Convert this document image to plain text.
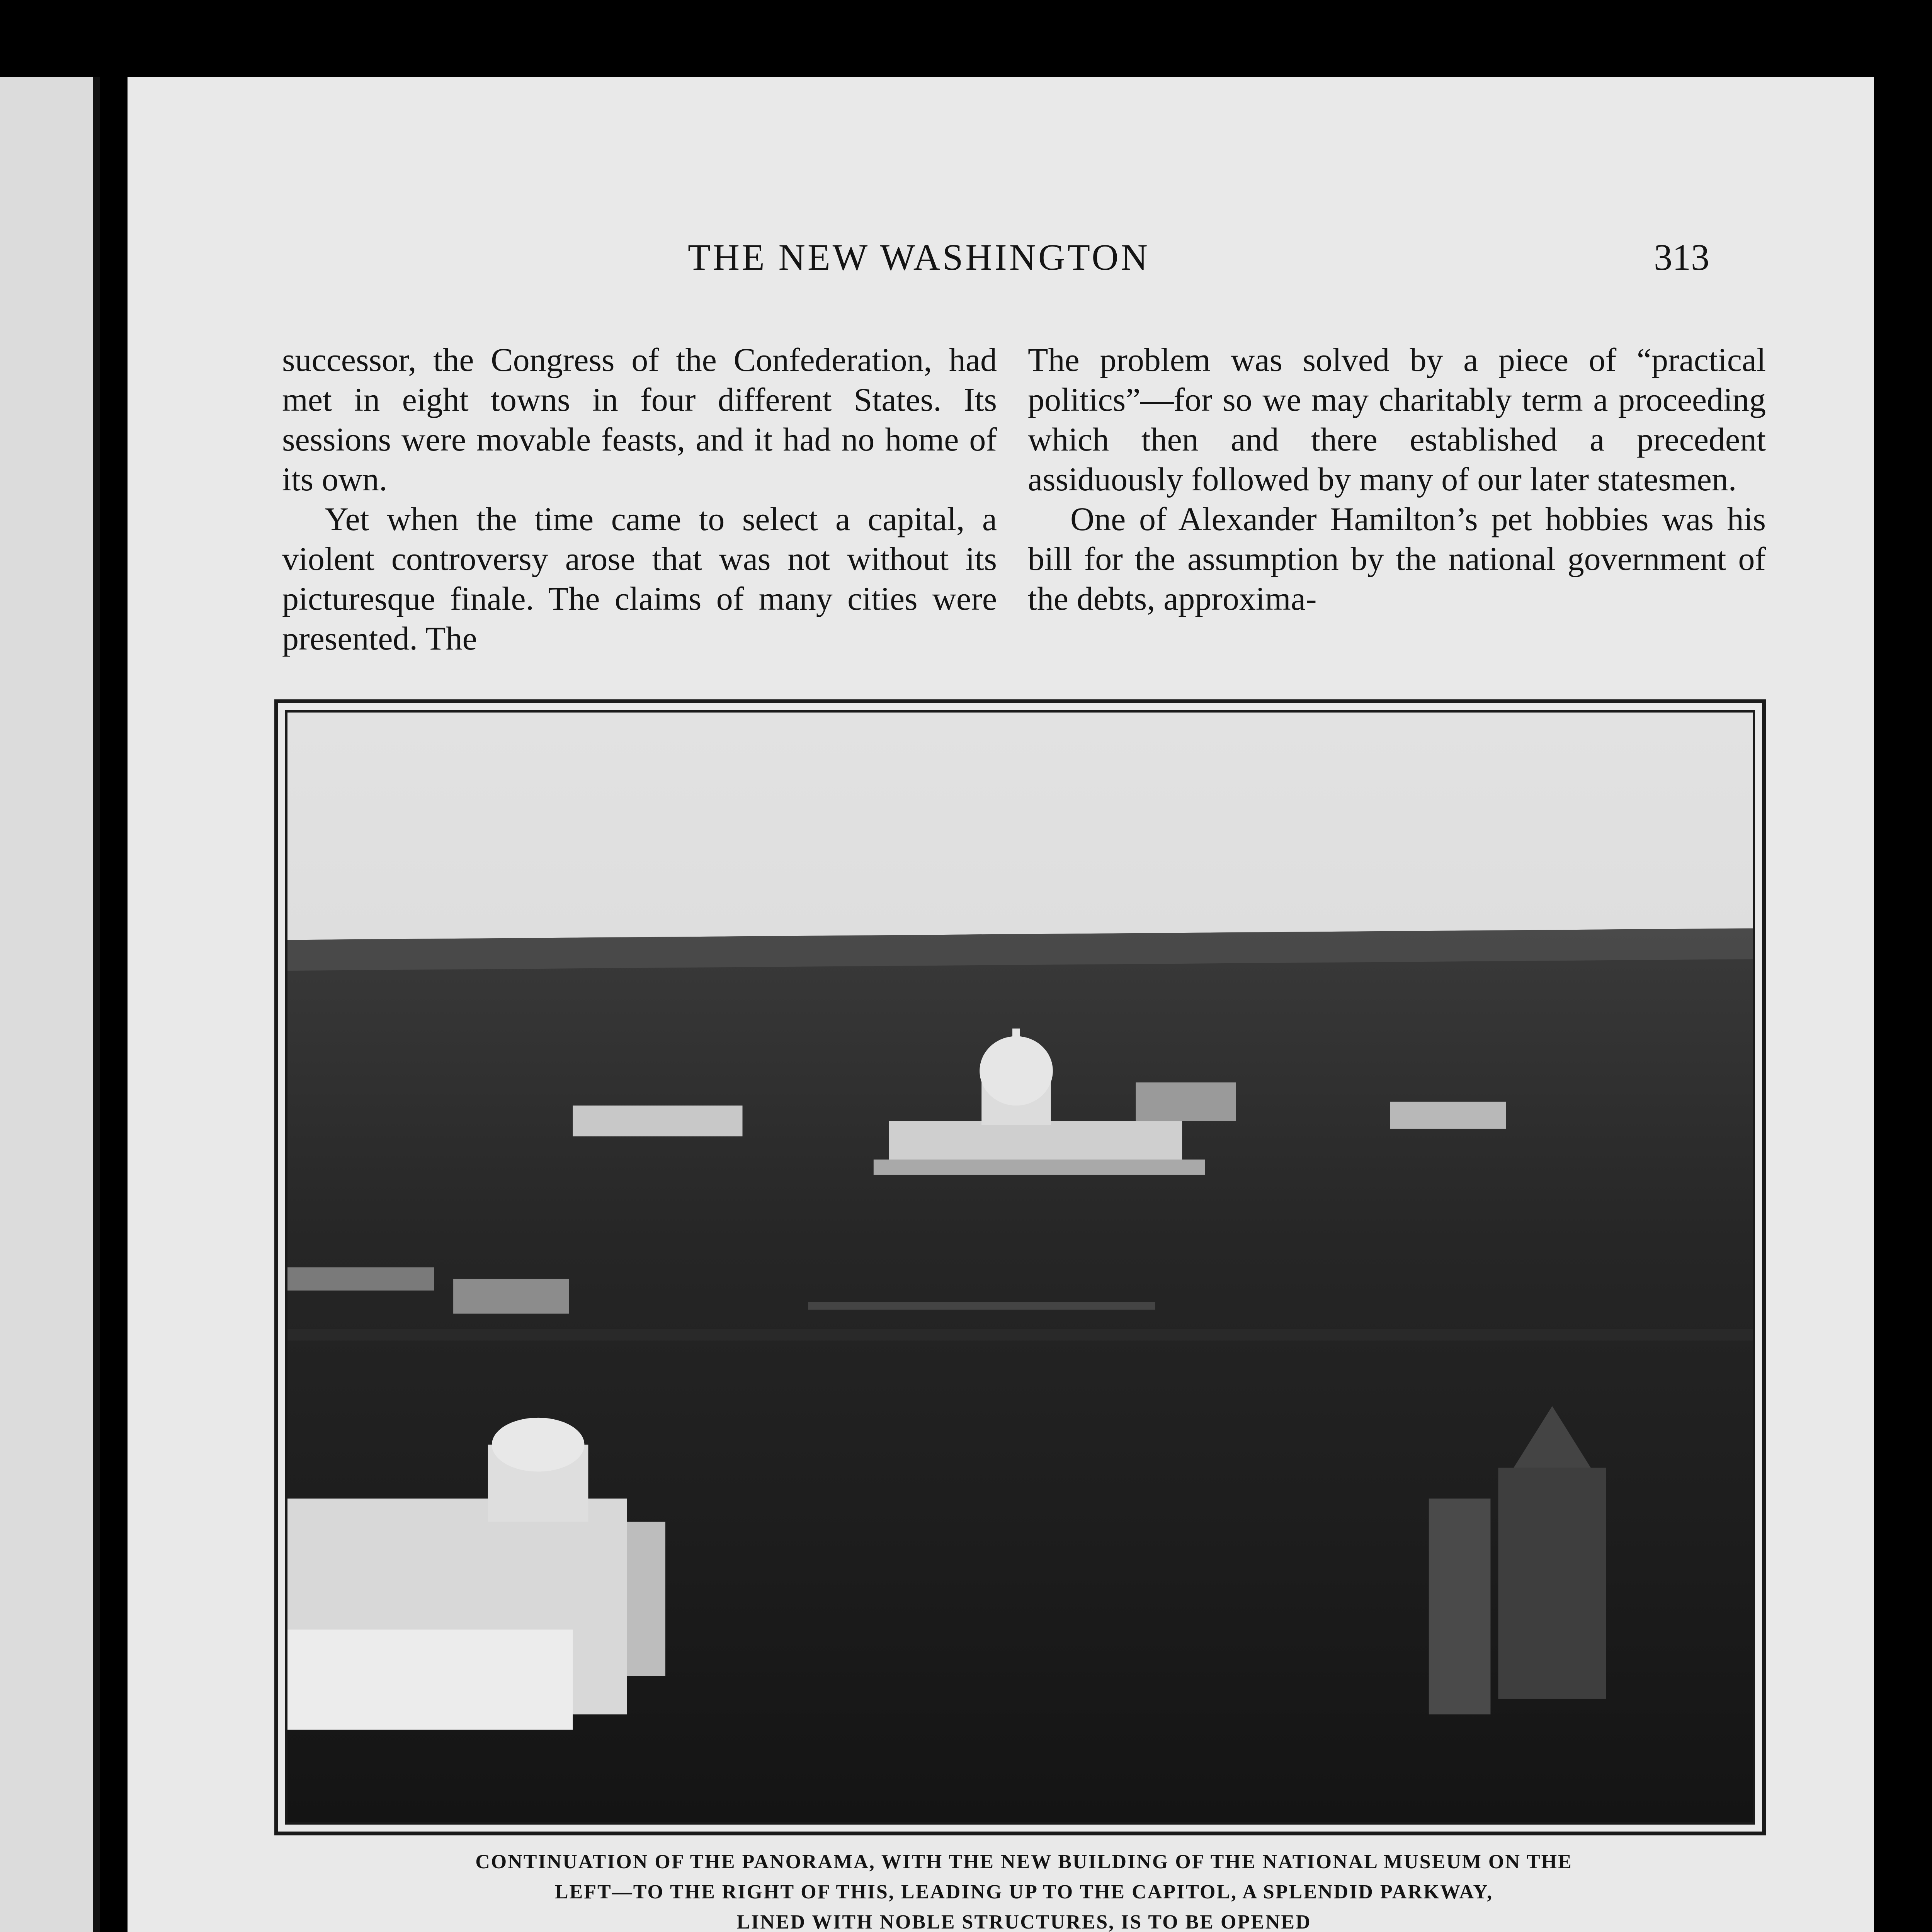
THE NEW WASHINGTON	313

successor, the Congress of the Confederation, had met in eight towns in four different States. Its sessions were movable feasts, and it had no home of its own.

Yet when the time came to select a capital, a violent controversy arose that was not without its picturesque finale. The claims of many cities were presented. The

The problem was solved by a piece of “practical politics”—for so we may charitably term a proceeding which then and there established a precedent assiduously followed by many of our later statesmen.

One of Alexander Hamilton’s pet hobbies was his bill for the assumption by the national government of the debts, approxima-

CONTINUATION OF THE PANORAMA, WITH THE NEW BUILDING OF THE NATIONAL MUSEUM ON THE
LEFT—TO THE RIGHT OF THIS, LEADING UP TO THE CAPITOL, A SPLENDID PARKWAY,
LINED WITH NOBLE STRUCTURES, IS TO BE OPENED
